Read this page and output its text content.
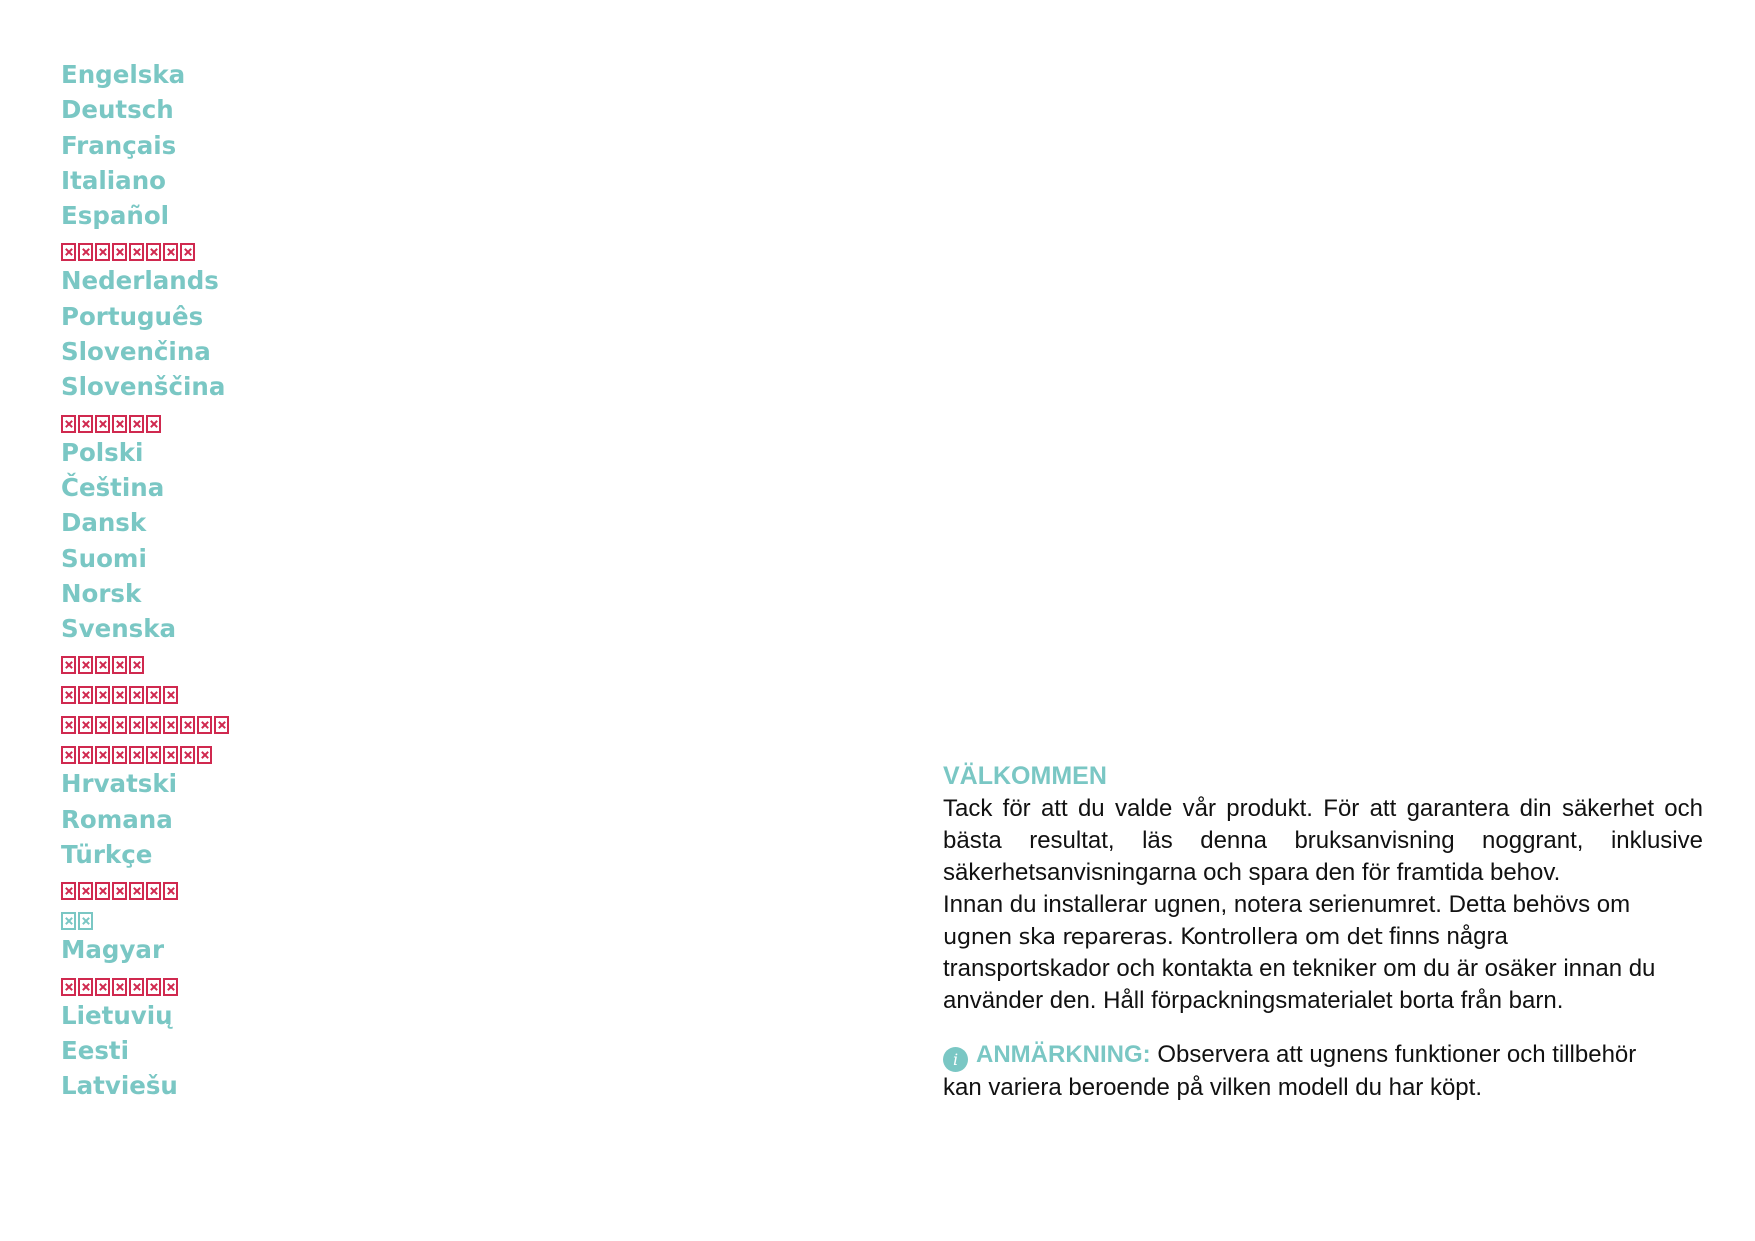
Engelska
Deutsch
Français
Italiano
Español
Nederlands
Português
Slovenčina
Slovenščina
Polski
Čeština
Dansk
Suomi
Norsk
Svenska
Hrvatski
Romana
Türkçe
Magyar
Lietuvių
Eesti
Latviešu
VÄLKOMMEN

Tack för att du valde vår produkt. För att garantera din säkerhet och
bästa resultat, läs denna bruksanvisning noggrant, inklusive
säkerhetsanvisningarna och spara den för framtida behov.
Innan du installerar ugnen, notera serienumret. Detta behövs om
ugnen ska repareras. Kontrollera om det finns några
transportskador och kontakta en tekniker om du är osäker innan du
använder den. Håll förpackningsmaterialet borta från barn.

i ANMÄRKNING: Observera att ugnens funktioner och tillbehör
kan variera beroende på vilken modell du har köpt.
